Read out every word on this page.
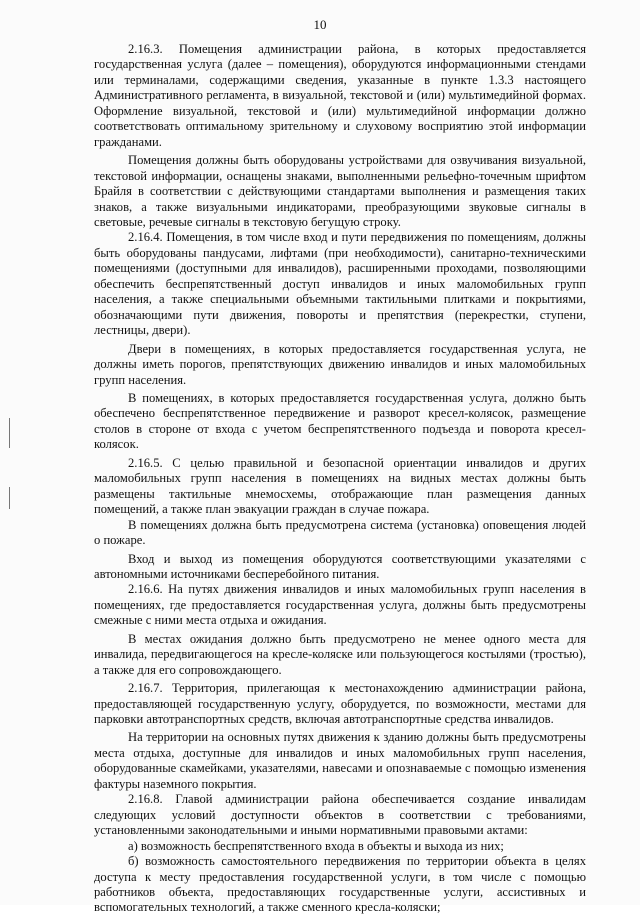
10

2.16.3. Помещения администрации района, в которых предоставляется государственная услуга (далее – помещения), оборудуются информационными стендами или терминалами, содержащими сведения, указанные в пункте 1.3.3 настоящего Административного регламента, в визуальной, текстовой и (или) мультимедийной формах. Оформление визуальной, текстовой и (или) мультимедийной информации должно соответствовать оптимальному зрительному и слуховому восприятию этой информации гражданами.

Помещения должны быть оборудованы устройствами для озвучивания визуальной, текстовой информации, оснащены знаками, выполненными рельефно-точечным шрифтом Брайля в соответствии с действующими стандартами выполнения и размещения таких знаков, а также визуальными индикаторами, преобразующими звуковые сигналы в световые, речевые сигналы в текстовую бегущую строку.

2.16.4. Помещения, в том числе вход и пути передвижения по помещениям, должны быть оборудованы пандусами, лифтами (при необходимости), санитарно-техническими помещениями (доступными для инвалидов), расширенными проходами, позволяющими обеспечить беспрепятственный доступ инвалидов и иных маломобильных групп населения, а также специальными объемными тактильными плитками и покрытиями, обозначающими пути движения, повороты и препятствия (перекрестки, ступени, лестницы, двери).

Двери в помещениях, в которых предоставляется государственная услуга, не должны иметь порогов, препятствующих движению инвалидов и иных маломобильных групп населения.

В помещениях, в которых предоставляется государственная услуга, должно быть обеспечено беспрепятственное передвижение и разворот кресел-колясок, размещение столов в стороне от входа с учетом беспрепятственного подъезда и поворота кресел-колясок.

2.16.5. С целью правильной и безопасной ориентации инвалидов и других маломобильных групп населения в помещениях на видных местах должны быть размещены тактильные мнемосхемы, отображающие план размещения данных помещений, а также план эвакуации граждан в случае пожара.

В помещениях должна быть предусмотрена система (установка) оповещения людей о пожаре.

Вход и выход из помещения оборудуются соответствующими указателями с автономными источниками бесперебойного питания.

2.16.6. На путях движения инвалидов и иных маломобильных групп населения в помещениях, где предоставляется государственная услуга, должны быть предусмотрены смежные с ними места отдыха и ожидания.

В местах ожидания должно быть предусмотрено не менее одного места для инвалида, передвигающегося на кресле-коляске или пользующегося костылями (тростью), а также для его сопровождающего.

2.16.7. Территория, прилегающая к местонахождению администрации района, предоставляющей государственную услугу, оборудуется, по возможности, местами для парковки автотранспортных средств, включая автотранспортные средства инвалидов.

На территории на основных путях движения к зданию должны быть предусмотрены места отдыха, доступные для инвалидов и иных маломобильных групп населения, оборудованные скамейками, указателями, навесами и опознаваемые с помощью изменения фактуры наземного покрытия.

2.16.8. Главой администрации района обеспечивается создание инвалидам следующих условий доступности объектов в соответствии с требованиями, установленными законодательными и иными нормативными правовыми актами:

а) возможность беспрепятственного входа в объекты и выхода из них;

б) возможность самостоятельного передвижения по территории объекта в целях доступа к месту предоставления государственной услуги, в том числе с помощью работников объекта, предоставляющих государственные услуги, ассистивных и вспомогательных технологий, а также сменного кресла-коляски;
